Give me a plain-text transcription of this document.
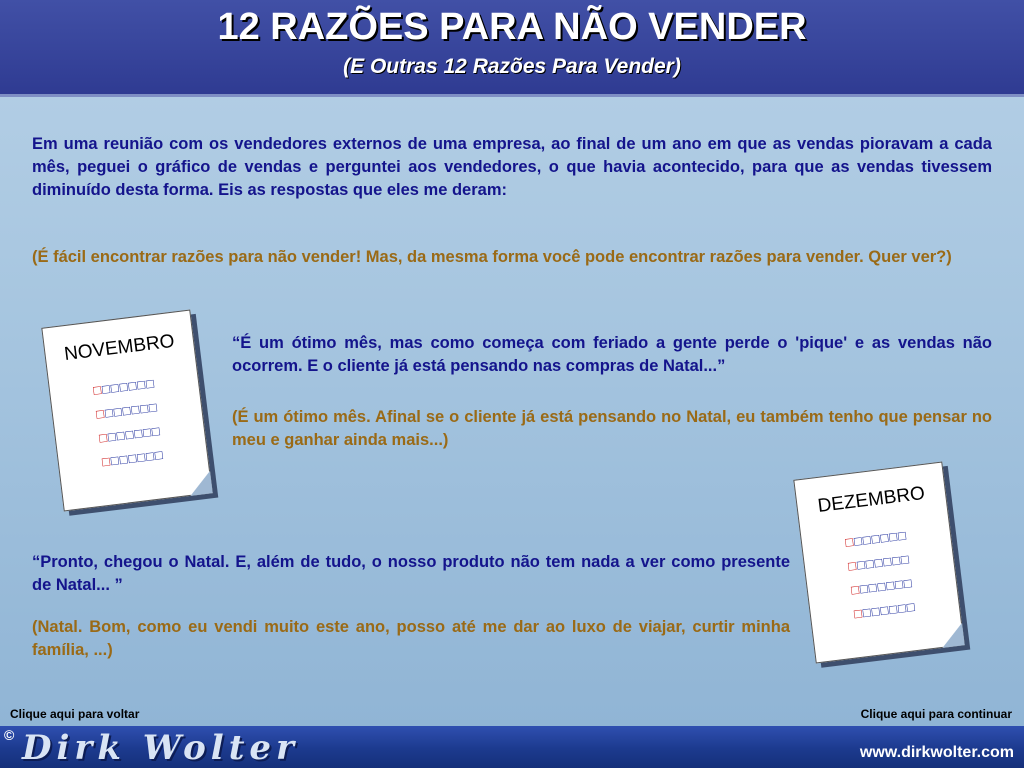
12 RAZÕES PARA NÃO VENDER
(E Outras 12 Razões Para Vender)
Em uma reunião com os vendedores externos de uma empresa, ao final de um ano em que as vendas pioravam a cada mês, peguei o gráfico de vendas e perguntei aos vendedores, o que havia acontecido, para que as vendas tivessem diminuído desta forma. Eis as respostas que eles me deram:
(É fácil encontrar razões para não vender! Mas, da mesma forma você pode encontrar razões para vender. Quer ver?)
NOVEMBRO
□□□□□□□
□□□□□□□
□□□□□□□
□□□□□□□
“É um ótimo mês, mas como começa com feriado a gente perde o 'pique' e as vendas não ocorrem. E o cliente já está pensando nas compras de Natal...”
(É um ótimo mês. Afinal se o cliente já está pensando no Natal, eu também tenho que pensar no meu e ganhar ainda mais...)
DEZEMBRO
□□□□□□□
□□□□□□□
□□□□□□□
□□□□□□□
“Pronto, chegou o Natal. E, além de tudo, o nosso produto não tem nada a ver como presente de Natal... ”
(Natal. Bom, como eu vendi muito este ano, posso até me dar ao luxo de viajar, curtir minha família, ...)
Clique aqui para voltar	Clique aqui para continuar
© Dirk Wolter	www.dirkwolter.com
